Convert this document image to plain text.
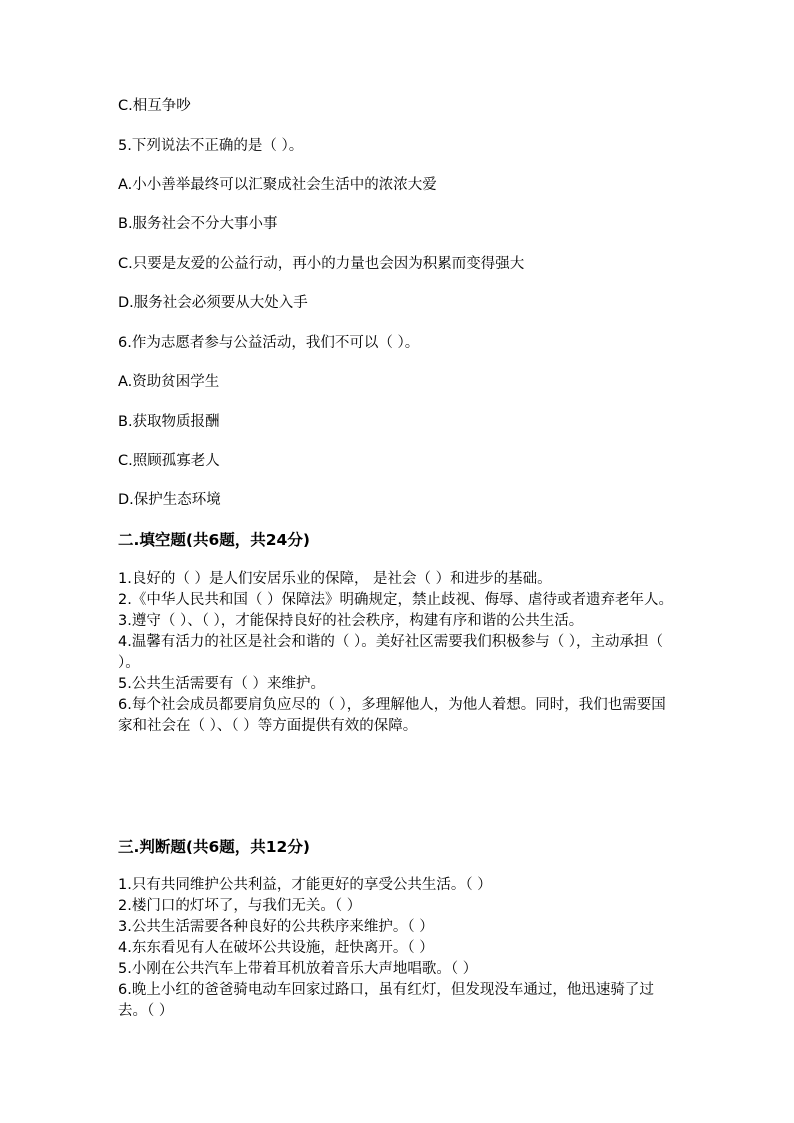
C.相互争吵
5.下列说法不正确的是（ ）。
A.小小善举最终可以汇聚成社会生活中的浓浓大爱
B.服务社会不分大事小事
C.只要是友爱的公益行动，再小的力量也会因为积累而变得强大
D.服务社会必须要从大处入手
6.作为志愿者参与公益活动，我们不可以（ ）。
A.资助贫困学生
B.获取物质报酬
C.照顾孤寡老人
D.保护生态环境
二.填空题(共6题，共24分)

1.良好的（ ）是人们安居乐业的保障， 是社会（ ）和进步的基础。

2.《中华人民共和国（ ）保障法》明确规定，禁止歧视、侮辱、虐待或者遗弃老年人。

3.遵守（ ）、（ ），才能保持良好的社会秩序，构建有序和谐的公共生活。

4.温馨有活力的社区是社会和谐的（ ）。美好社区需要我们积极参与（ ），主动承担（ ）。

5.公共生活需要有（ ）来维护。

6.每个社会成员都要肩负应尽的（ ），多理解他人，为他人着想。同时，我们也需要国家和社会在（ ）、（ ）等方面提供有效的保障。

三.判断题(共6题，共12分)

1.只有共同维护公共利益，才能更好的享受公共生活。（ ）

2.楼门口的灯坏了，与我们无关。（ ）

3.公共生活需要各种良好的公共秩序来维护。（ ）

4.东东看见有人在破坏公共设施，赶快离开。（ ）

5.小刚在公共汽车上带着耳机放着音乐大声地唱歌。（ ）

6.晚上小红的爸爸骑电动车回家过路口，虽有红灯，但发现没车通过，他迅速骑了过去。（ ）
